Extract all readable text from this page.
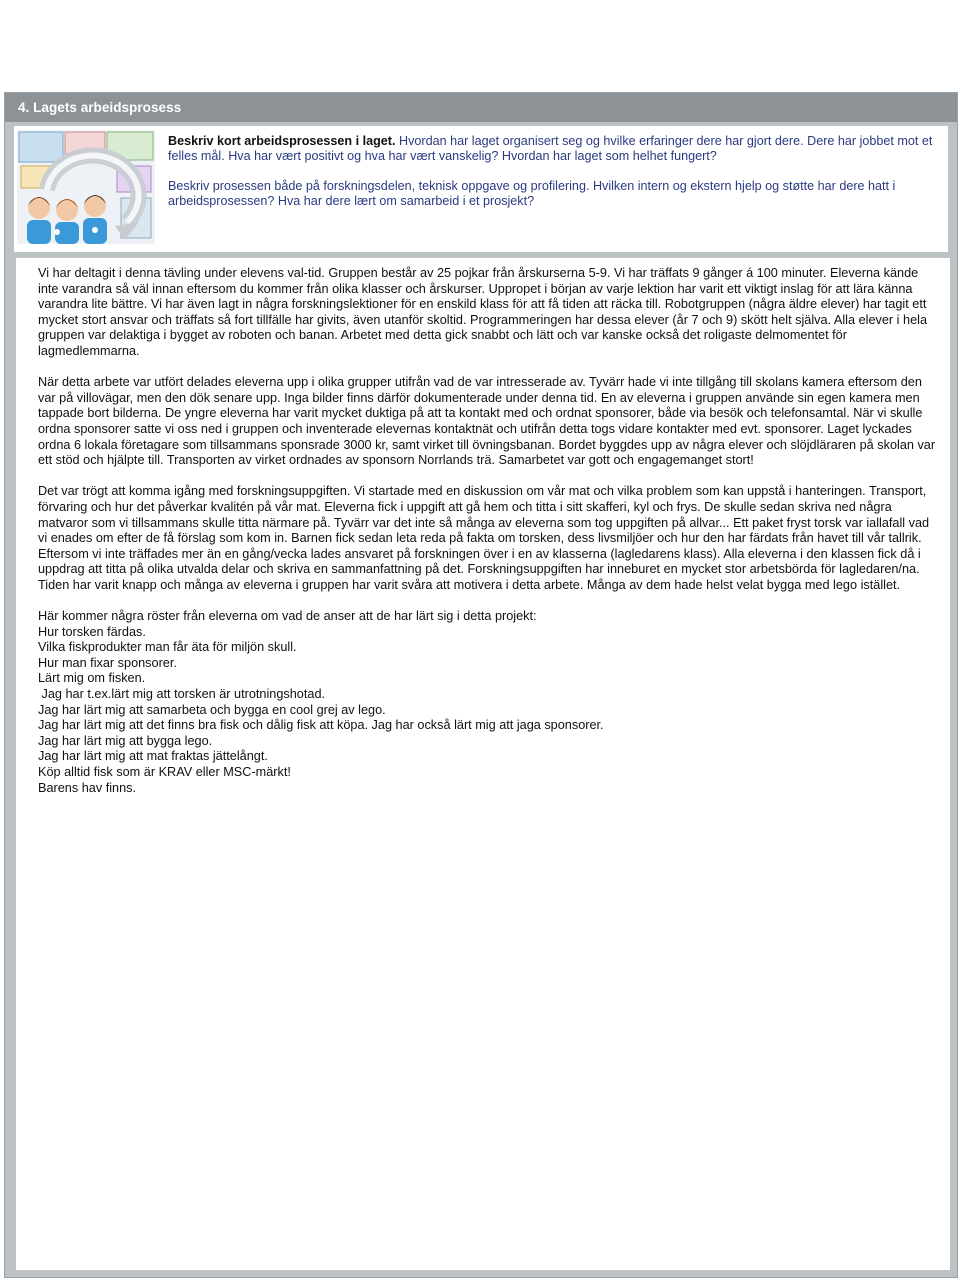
4. Lagets arbeidsprosess

Beskriv kort arbeidsprosessen i laget. Hvordan har laget organisert seg og hvilke erfaringer dere har gjort dere. Dere har jobbet mot et felles mål. Hva har vært positivt og hva har vært vanskelig? Hvordan har laget som helhet fungert?

Beskriv prosessen både på forskningsdelen, teknisk oppgave og profilering. Hvilken intern og ekstern hjelp og støtte har dere hatt i arbeidsprosessen? Hva har dere lært om samarbeid i et prosjekt?

Vi har deltagit i denna tävling under elevens val-tid. Gruppen består av 25 pojkar från årskurserna 5-9. Vi har träffats 9 gånger á 100 minuter. Eleverna kände inte varandra så väl innan eftersom du kommer från olika klasser och årskurser. Uppropet i början av varje lektion har varit ett viktigt inslag för att lära känna varandra lite bättre. Vi har även lagt in några forskningslektioner för en enskild klass för att få tiden att räcka till. Robotgruppen (några äldre elever) har tagit ett mycket stort ansvar och träffats så fort tillfälle har givits, även utanför skoltid. Programmeringen har dessa elever (år 7 och 9) skött helt själva. Alla elever i hela gruppen var delaktiga i bygget av roboten och banan. Arbetet med detta gick snabbt och lätt och var kanske också det roligaste delmomentet för lagmedlemmarna.

När detta arbete var utfört delades eleverna upp i olika grupper utifrån vad de var intresserade av. Tyvärr hade vi inte tillgång till skolans kamera eftersom den var på villovägar, men den dök senare upp. Inga bilder finns därför dokumenterade under denna tid. En av eleverna i gruppen använde sin egen kamera men tappade bort bilderna. De yngre eleverna har varit mycket duktiga på att ta kontakt med och ordnat sponsorer, både via besök och telefonsamtal. När vi skulle ordna sponsorer satte vi oss ned i gruppen och inventerade elevernas kontaktnät och utifrån detta togs vidare kontakter med evt. sponsorer. Laget lyckades ordna 6 lokala företagare som tillsammans sponsrade 3000 kr, samt virket till övningsbanan. Bordet byggdes upp av några elever och slöjdläraren på skolan var ett stöd och hjälpte till. Transporten av virket ordnades av sponsorn Norrlands trä. Samarbetet var gott och engagemanget stort!

Det var trögt att komma igång med forskningsuppgiften. Vi startade med en diskussion om vår mat och vilka problem som kan uppstå i hanteringen. Transport, förvaring och hur det påverkar kvalitén på vår mat. Eleverna fick i uppgift att gå hem och titta i sitt skafferi, kyl och frys. De skulle sedan skriva ned några matvaror som vi tillsammans skulle titta närmare på. Tyvärr var det inte så många av eleverna som tog uppgiften på allvar... Ett paket fryst torsk var iallafall vad vi enades om efter de få förslag som kom in. Barnen fick sedan leta reda på fakta om torsken, dess livsmiljöer och hur den har färdats från havet till vår tallrik. Eftersom vi inte träffades mer än en gång/vecka lades ansvaret på forskningen över i en av klasserna (lagledarens klass). Alla eleverna i den klassen fick då i uppdrag att titta på olika utvalda delar och skriva en sammanfattning på det. Forskningsuppgiften har inneburet en mycket stor arbetsbörda för lagledaren/na. Tiden har varit knapp och många av eleverna i gruppen har varit svåra att motivera i detta arbete. Många av dem hade helst velat bygga med lego istället.

Här kommer några röster från eleverna om vad de anser att de har lärt sig i detta projekt:
Hur torsken färdas.
Vilka fiskprodukter man får äta för miljön skull.
Hur man fixar sponsorer.
Lärt mig om fisken.
Jag har t.ex.lärt mig att torsken är utrotningshotad.
Jag har lärt mig att samarbeta och bygga en cool grej av lego.
Jag har lärt mig att det finns bra fisk och dålig fisk att köpa. Jag har också lärt mig att jaga sponsorer.
Jag har lärt mig att bygga lego.
Jag har lärt mig att mat fraktas jättelångt.
Köp alltid fisk som är KRAV eller MSC-märkt!
Barens hav finns.
